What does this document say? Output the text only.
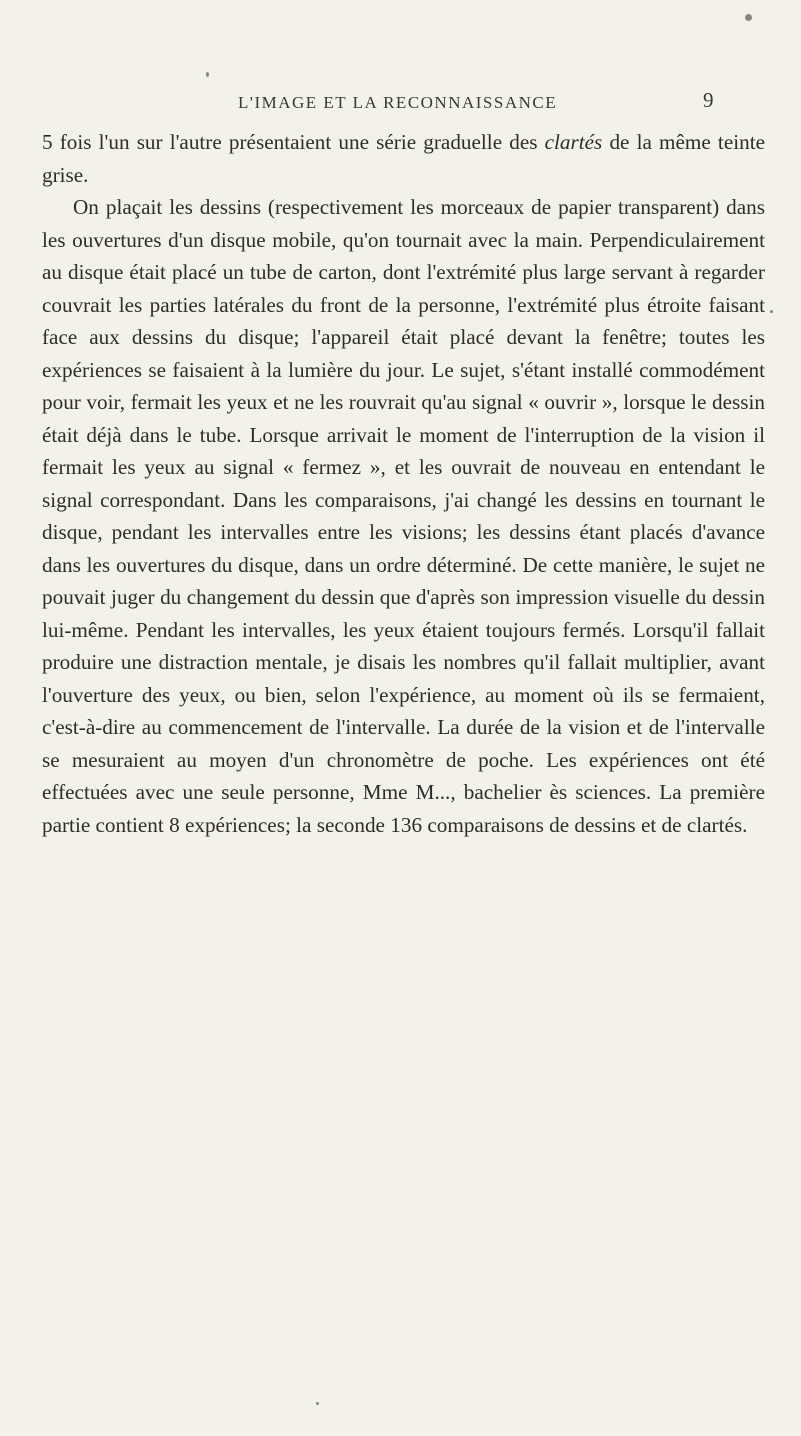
L'IMAGE ET LA RECONNAISSANCE	9

5 fois l'un sur l'autre présentaient une série graduelle des clartés de la même teinte grise.

On plaçait les dessins (respectivement les morceaux de papier transparent) dans les ouvertures d'un disque mobile, qu'on tournait avec la main. Perpendiculairement au disque était placé un tube de carton, dont l'extrémité plus large servant à regarder couvrait les parties latérales du front de la personne, l'extrémité plus étroite faisant face aux dessins du disque; l'appareil était placé devant la fenêtre; toutes les expériences se faisaient à la lumière du jour. Le sujet, s'étant installé commodément pour voir, fermait les yeux et ne les rouvrait qu'au signal « ouvrir », lorsque le dessin était déjà dans le tube. Lorsque arrivait le moment de l'interruption de la vision il fermait les yeux au signal « fermez », et les ouvrait de nouveau en entendant le signal correspondant. Dans les comparaisons, j'ai changé les dessins en tournant le disque, pendant les intervalles entre les visions; les dessins étant placés d'avance dans les ouvertures du disque, dans un ordre déterminé. De cette manière, le sujet ne pouvait juger du changement du dessin que d'après son impression visuelle du dessin lui-même. Pendant les intervalles, les yeux étaient toujours fermés. Lorsqu'il fallait produire une distraction mentale, je disais les nombres qu'il fallait multiplier, avant l'ouverture des yeux, ou bien, selon l'expérience, au moment où ils se fermaient, c'est-à-dire au commencement de l'intervalle. La durée de la vision et de l'intervalle se mesuraient au moyen d'un chronomètre de poche. Les expériences ont été effectuées avec une seule personne, Mme M..., bachelier ès sciences. La première partie contient 8 expériences; la seconde 136 comparaisons de dessins et de clartés.
